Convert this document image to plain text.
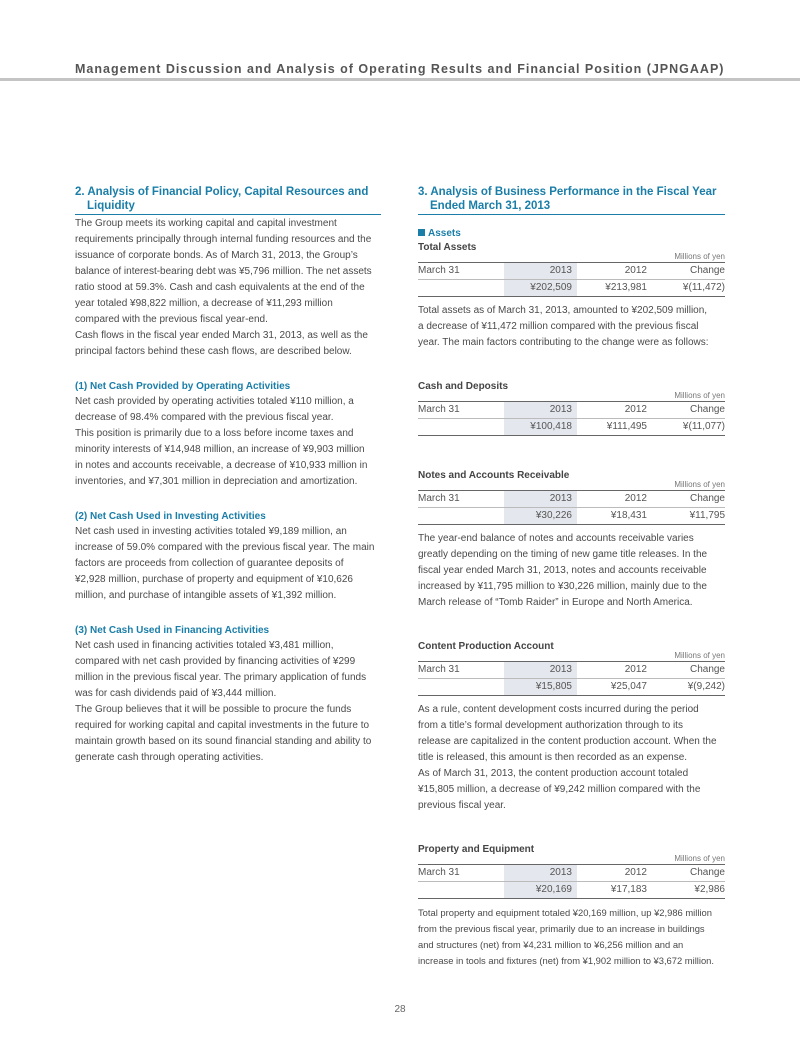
Management Discussion and Analysis of Operating Results and Financial Position (JPNGAAP)
2. Analysis of Financial Policy, Capital Resources and
Liquidity
The Group meets its working capital and capital investment
requirements principally through internal funding resources and the
issuance of corporate bonds. As of March 31, 2013, the Group’s
balance of interest-bearing debt was ¥5,796 million. The net assets
ratio stood at 59.3%. Cash and cash equivalents at the end of the
year totaled ¥98,822 million, a decrease of ¥11,293 million
compared with the previous fiscal year-end.
Cash flows in the fiscal year ended March 31, 2013, as well as the
principal factors behind these cash flows, are described below.
(1) Net Cash Provided by Operating Activities
Net cash provided by operating activities totaled ¥110 million, a
decrease of 98.4% compared with the previous fiscal year.
This position is primarily due to a loss before income taxes and
minority interests of ¥14,948 million, an increase of ¥9,903 million
in notes and accounts receivable, a decrease of ¥10,933 million in
inventories, and ¥7,301 million in depreciation and amortization.
(2) Net Cash Used in Investing Activities
Net cash used in investing activities totaled ¥9,189 million, an
increase of 59.0% compared with the previous fiscal year. The main
factors are proceeds from collection of guarantee deposits of
¥2,928 million, purchase of property and equipment of ¥10,626
million, and purchase of intangible assets of ¥1,392 million.
(3) Net Cash Used in Financing Activities
Net cash used in financing activities totaled ¥3,481 million,
compared with net cash provided by financing activities of ¥299
million in the previous fiscal year. The primary application of funds
was for cash dividends paid of ¥3,444 million.
The Group believes that it will be possible to procure the funds
required for working capital and capital investments in the future to
maintain growth based on its sound financial standing and ability to
generate cash through operating activities.
3. Analysis of Business Performance in the Fiscal Year
Ended March 31, 2013
Assets
Total Assets
Millions of yen
March 31	2013	2012	Change
	¥202,509	¥213,981	¥(11,472)
Total assets as of March 31, 2013, amounted to ¥202,509 million,
a decrease of ¥11,472 million compared with the previous fiscal
year. The main factors contributing to the change were as follows:
Cash and Deposits
Millions of yen
March 31	2013	2012	Change
	¥100,418	¥111,495	¥(11,077)
Notes and Accounts Receivable
Millions of yen
March 31	2013	2012	Change
	¥30,226	¥18,431	¥11,795
The year-end balance of notes and accounts receivable varies
greatly depending on the timing of new game title releases. In the
fiscal year ended March 31, 2013, notes and accounts receivable
increased by ¥11,795 million to ¥30,226 million, mainly due to the
March release of “Tomb Raider” in Europe and North America.
Content Production Account
Millions of yen
March 31	2013	2012	Change
	¥15,805	¥25,047	¥(9,242)
As a rule, content development costs incurred during the period
from a title’s formal development authorization through to its
release are capitalized in the content production account. When the
title is released, this amount is then recorded as an expense.
As of March 31, 2013, the content production account totaled
¥15,805 million, a decrease of ¥9,242 million compared with the
previous fiscal year.
Property and Equipment
Millions of yen
March 31	2013	2012	Change
	¥20,169	¥17,183	¥2,986
Total property and equipment totaled ¥20,169 million, up ¥2,986 million
from the previous fiscal year, primarily due to an increase in buildings
and structures (net) from ¥4,231 million to ¥6,256 million and an
increase in tools and fixtures (net) from ¥1,902 million to ¥3,672 million.
28
